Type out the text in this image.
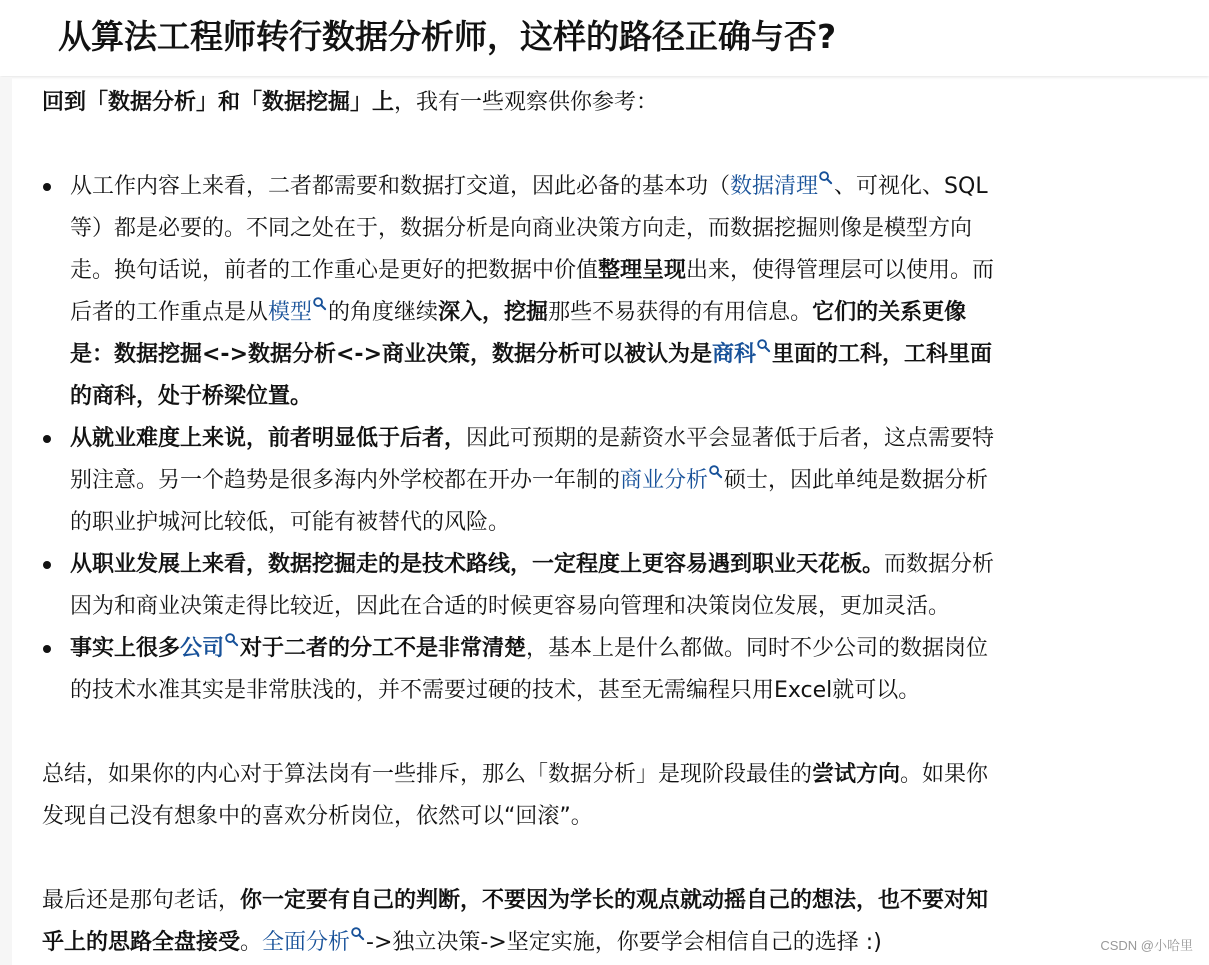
从算法工程师转行数据分析师，这样的路径正确与否?

回到「数据分析」和「数据挖掘」上，我有一些观察供你参考：

从工作内容上来看，二者都需要和数据打交道，因此必备的基本功（数据清理 、可视化、SQL
等）都是必要的。不同之处在于，数据分析是向商业决策方向走，而数据挖掘则像是模型方向
走。换句话说，前者的工作重心是更好的把数据中价值整理呈现出来，使得管理层可以使用。而
后者的工作重点是从模型 的角度继续深入，挖掘那些不易获得的有用信息。它们的关系更像
是：数据挖掘<->数据分析<->商业决策，数据分析可以被认为是商科 里面的工科，工科里面
的商科，处于桥梁位置。
从就业难度上来说，前者明显低于后者，因此可预期的是薪资水平会显著低于后者，这点需要特
别注意。另一个趋势是很多海内外学校都在开办一年制的商业分析 硕士，因此单纯是数据分析
的职业护城河比较低，可能有被替代的风险。
从职业发展上来看，数据挖掘走的是技术路线，一定程度上更容易遇到职业天花板。而数据分析
因为和商业决策走得比较近，因此在合适的时候更容易向管理和决策岗位发展，更加灵活。
事实上很多公司 对于二者的分工不是非常清楚，基本上是什么都做。同时不少公司的数据岗位
的技术水准其实是非常肤浅的，并不需要过硬的技术，甚至无需编程只用Excel就可以。

总结，如果你的内心对于算法岗有一些排斥，那么「数据分析」是现阶段最佳的尝试方向。如果你
发现自己没有想象中的喜欢分析岗位，依然可以“回滚”。

最后还是那句老话，你一定要有自己的判断，不要因为学长的观点就动摇自己的想法，也不要对知
乎上的思路全盘接受。全面分析 ->独立决策->坚定实施，你要学会相信自己的选择 :)	CSDN @小哈里
